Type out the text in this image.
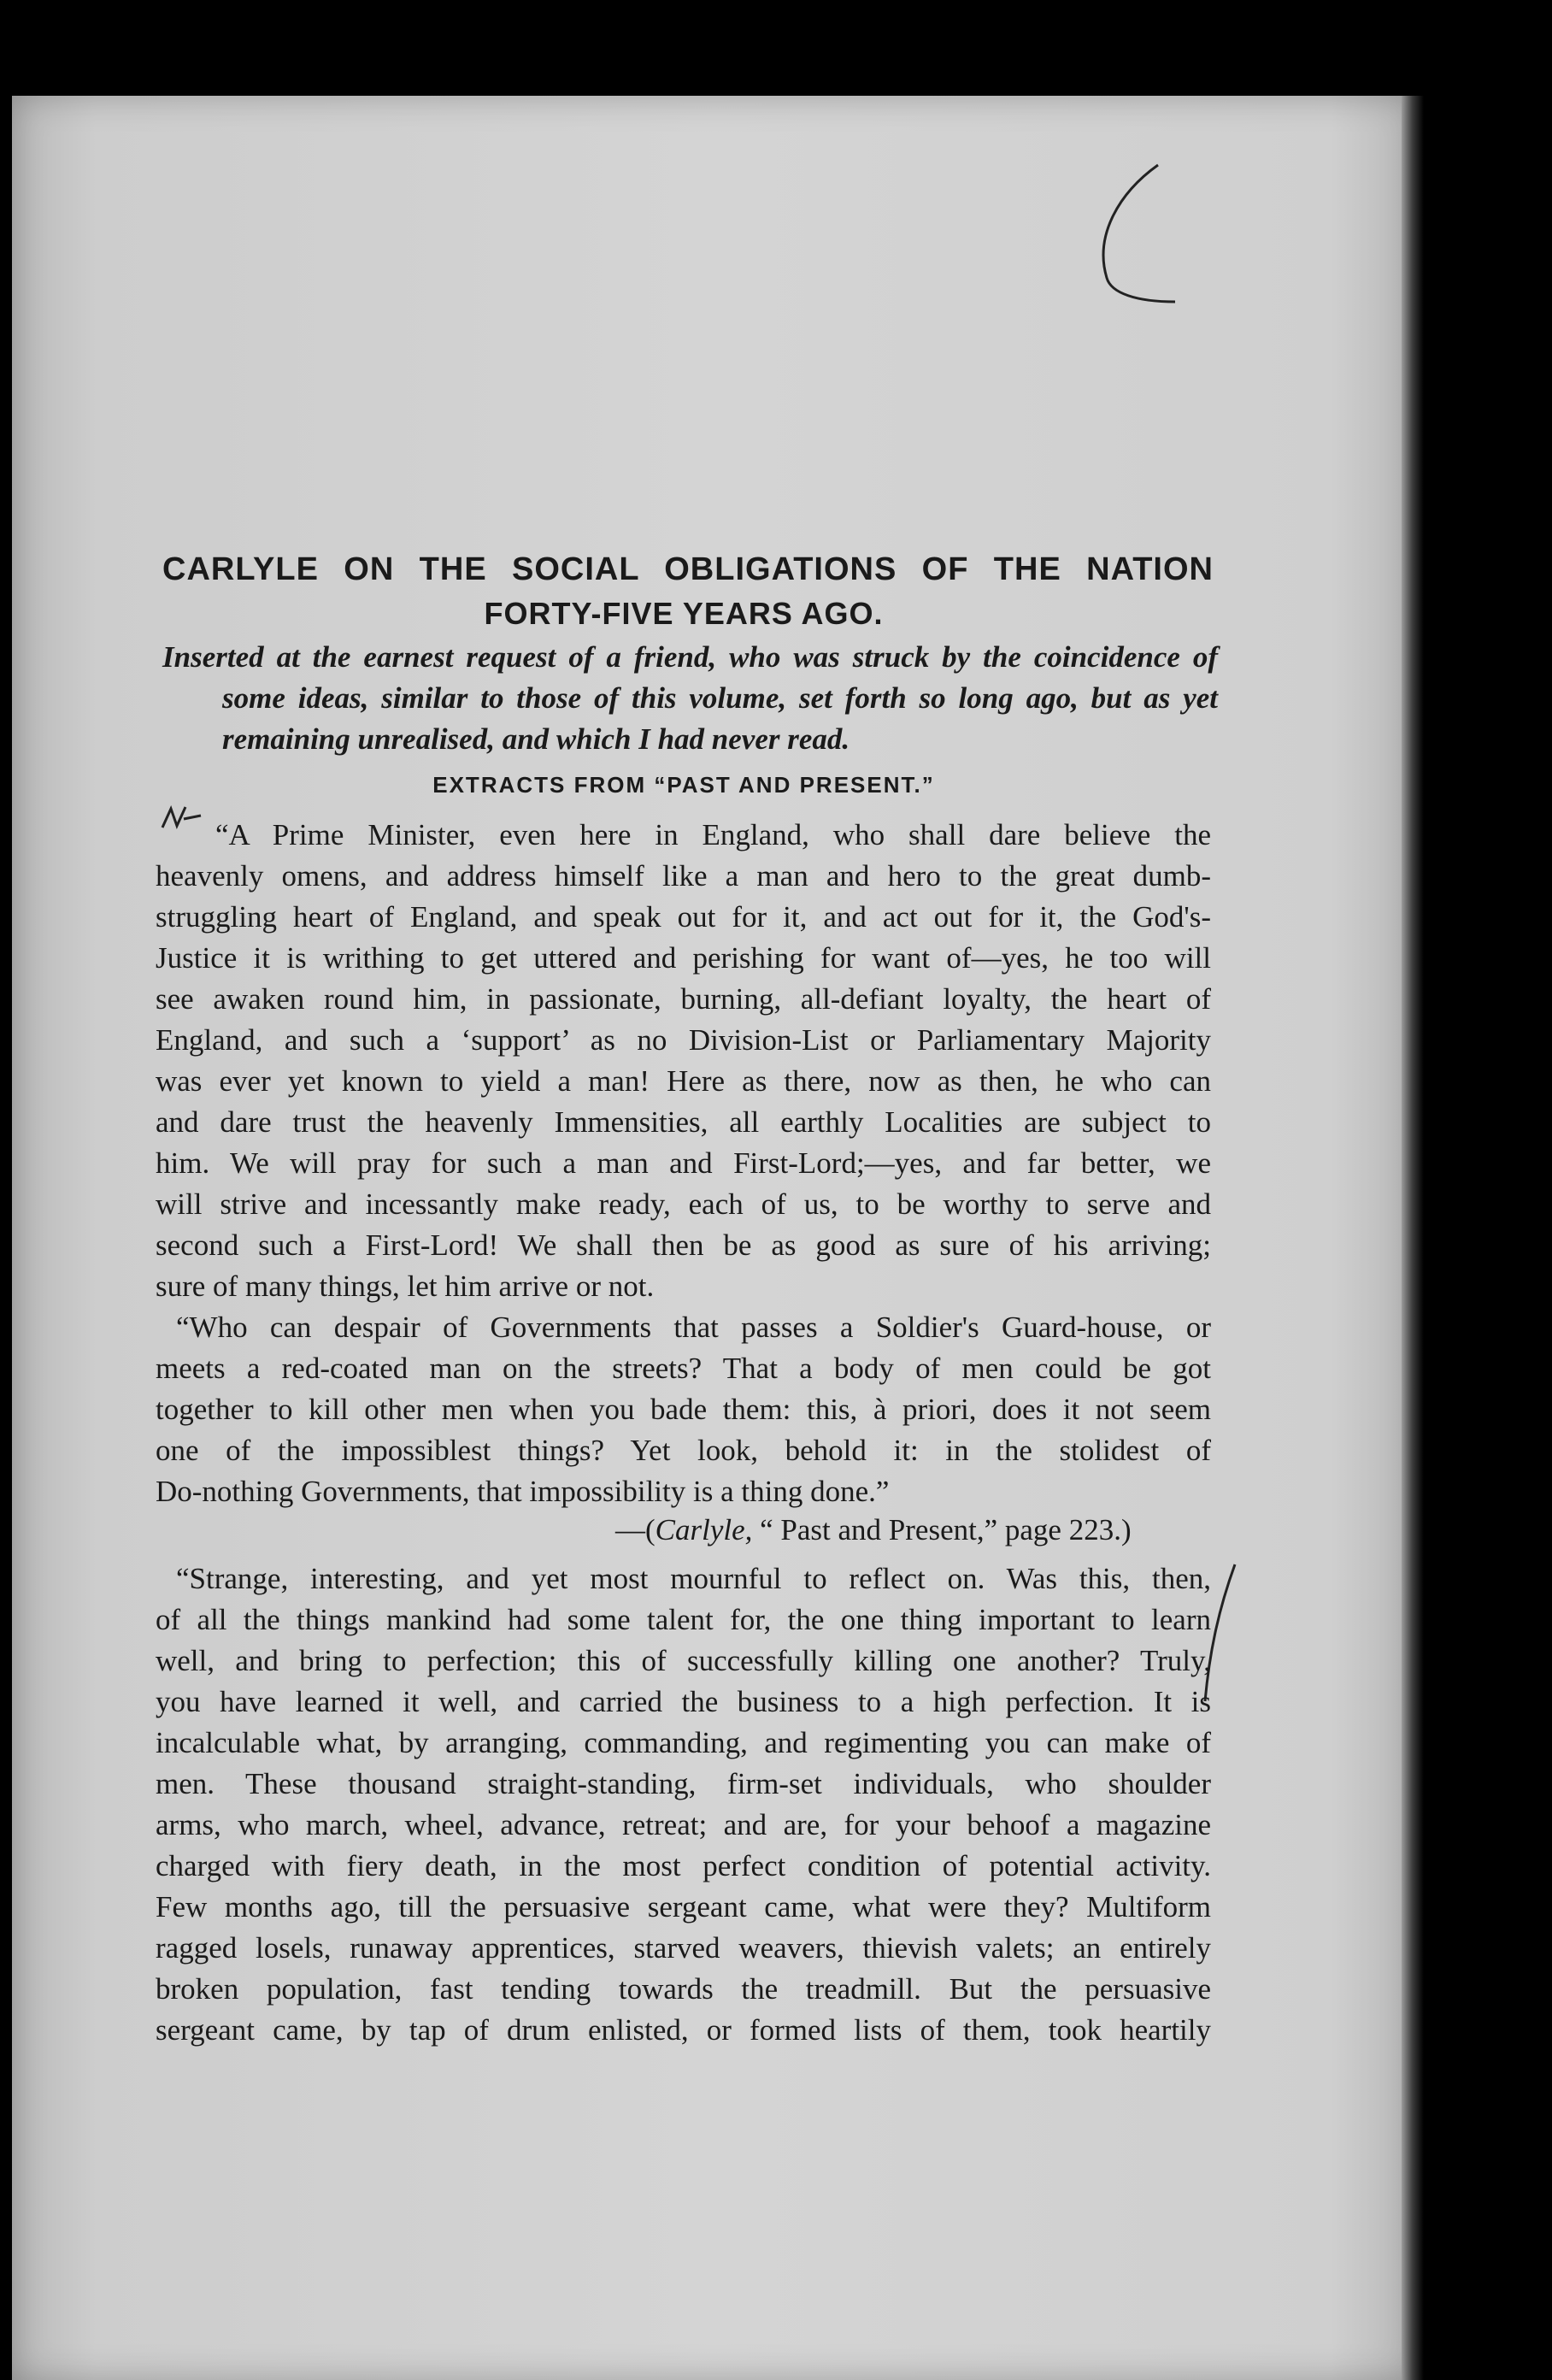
CARLYLE ON THE SOCIAL OBLIGATIONS OF THE NATION
FORTY-FIVE YEARS AGO.
Inserted at the earnest request of a friend, who was struck by the coincidence of
some ideas, similar to those of this volume, set forth so long ago, but as yet
remaining unrealised, and which I had never read.
EXTRACTS FROM “PAST AND PRESENT.”
“A Prime Minister, even here in England, who shall dare believe the
heavenly omens, and address himself like a man and hero to the great dumb-
struggling heart of England, and speak out for it, and act out for it, the God's-
Justice it is writhing to get uttered and perishing for want of—yes, he too will
see awaken round him, in passionate, burning, all-defiant loyalty, the heart of
England, and such a ‘support’ as no Division-List or Parliamentary Majority
was ever yet known to yield a man! Here as there, now as then, he who can
and dare trust the heavenly Immensities, all earthly Localities are subject to
him. We will pray for such a man and First-Lord;—yes, and far better, we
will strive and incessantly make ready, each of us, to be worthy to serve and
second such a First-Lord! We shall then be as good as sure of his arriving;
sure of many things, let him arrive or not.
“Who can despair of Governments that passes a Soldier's Guard-house, or
meets a red-coated man on the streets? That a body of men could be got
together to kill other men when you bade them: this, à priori, does it not seem
one of the impossiblest things? Yet look, behold it: in the stolidest of
Do-nothing Governments, that impossibility is a thing done.”
—(Carlyle, “ Past and Present,” page 223.)
“Strange, interesting, and yet most mournful to reflect on. Was this, then,
of all the things mankind had some talent for, the one thing important to learn
well, and bring to perfection; this of successfully killing one another? Truly,
you have learned it well, and carried the business to a high perfection. It is
incalculable what, by arranging, commanding, and regimenting you can make of
men. These thousand straight-standing, firm-set individuals, who shoulder
arms, who march, wheel, advance, retreat; and are, for your behoof a magazine
charged with fiery death, in the most perfect condition of potential activity.
Few months ago, till the persuasive sergeant came, what were they? Multiform
ragged losels, runaway apprentices, starved weavers, thievish valets; an entirely
broken population, fast tending towards the treadmill. But the persuasive
sergeant came, by tap of drum enlisted, or formed lists of them, took heartily
